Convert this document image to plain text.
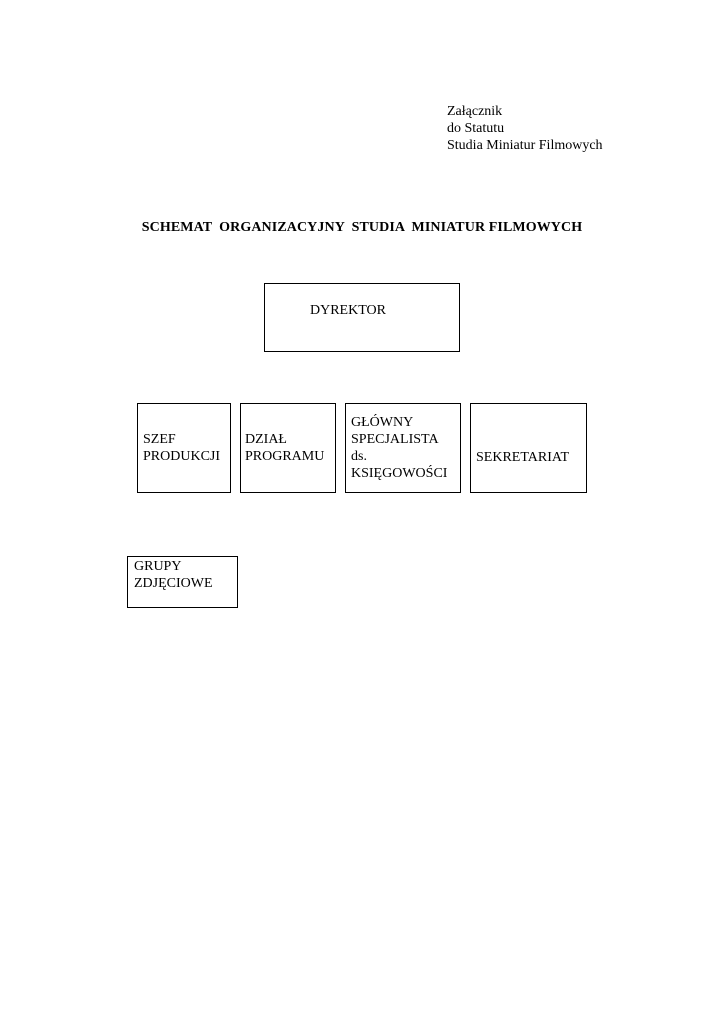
Załącznik
do Statutu
Studia Miniatur Filmowych
SCHEMAT  ORGANIZACYJNY  STUDIA  MINIATUR FILMOWYCH
DYREKTOR
SZEF
PRODUKCJI
DZIAŁ
PROGRAMU
GŁÓWNY
SPECJALISTA
ds.
KSIĘGOWOŚCI
SEKRETARIAT
GRUPY
ZDJĘCIOWE
